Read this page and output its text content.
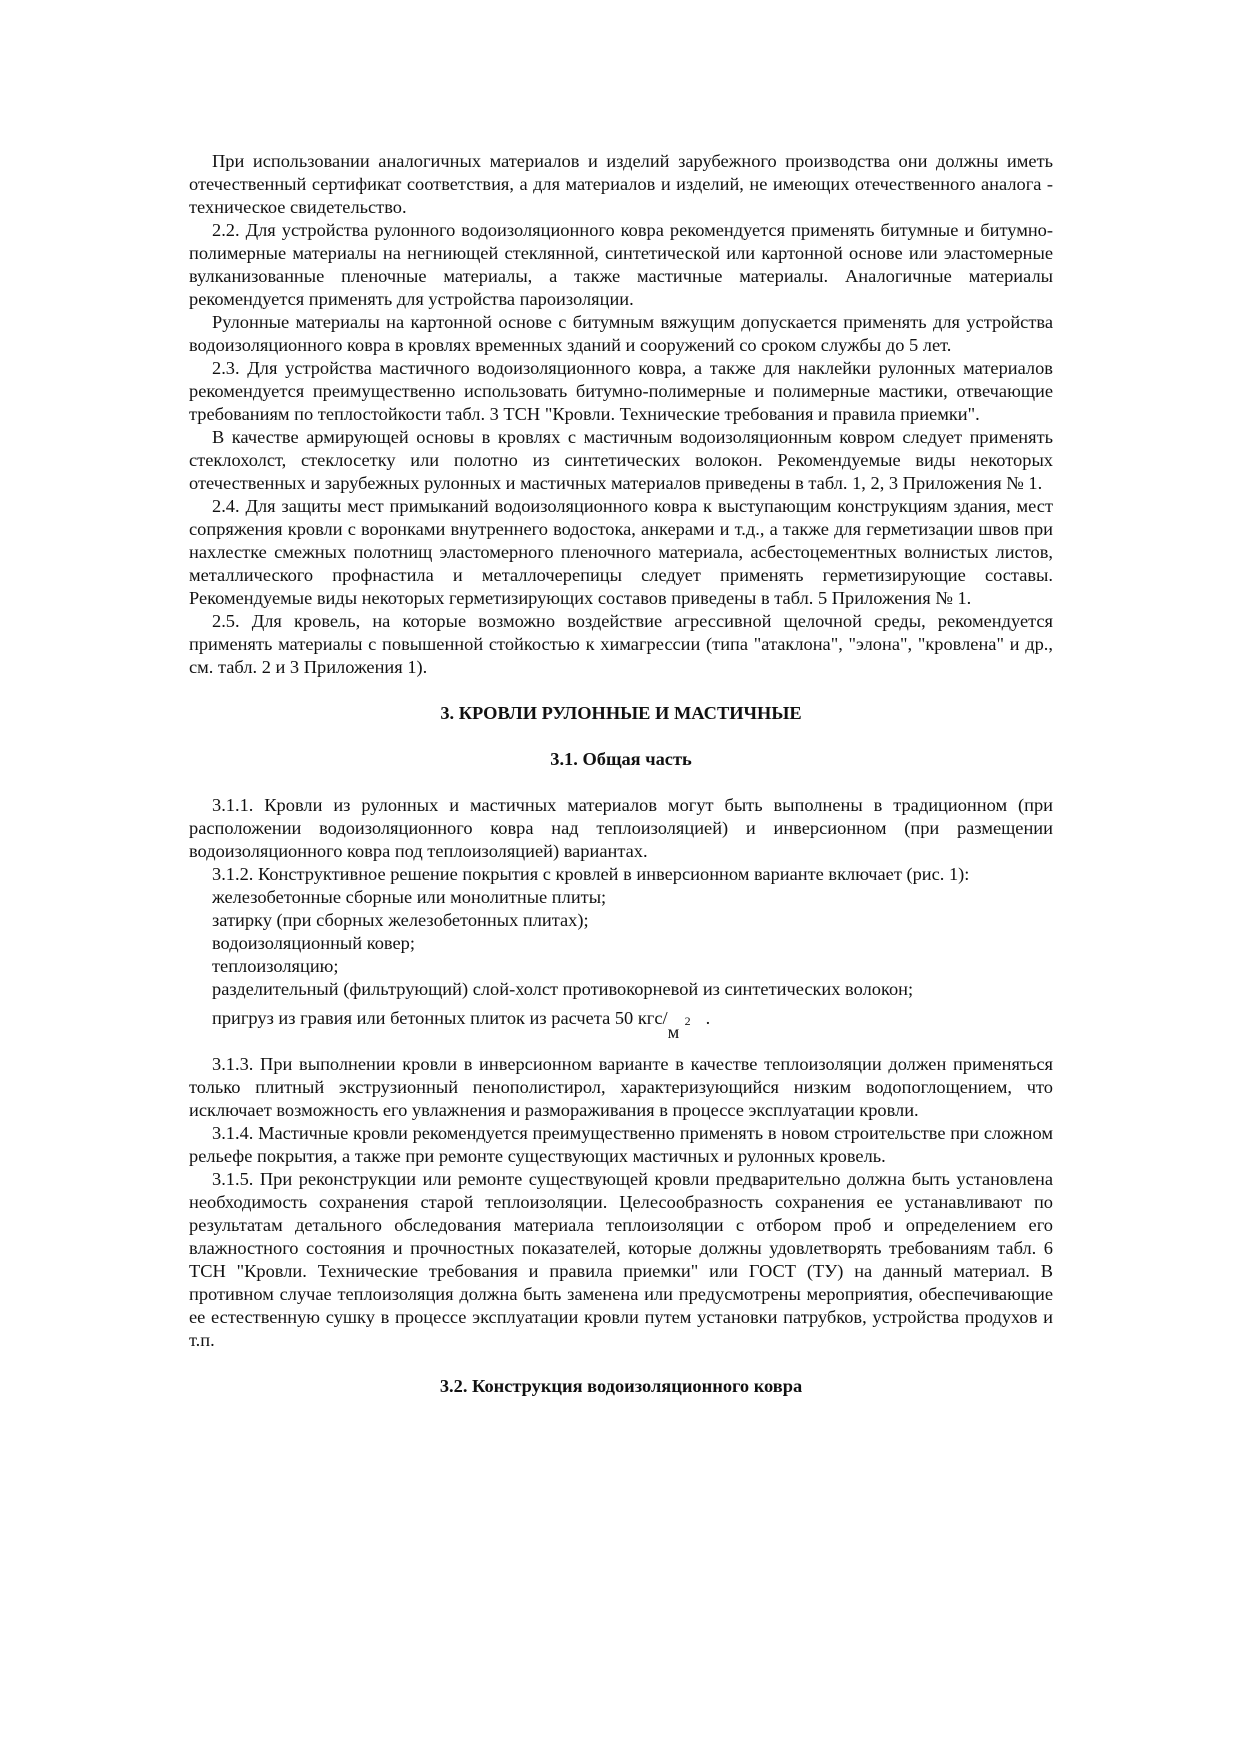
При использовании аналогичных материалов и изделий зарубежного производства они должны иметь отечественный сертификат соответствия, а для материалов и изделий, не имеющих отечественного аналога - техническое свидетельство.

2.2. Для устройства рулонного водоизоляционного ковра рекомендуется применять битумные и битумно-полимерные материалы на негниющей стеклянной, синтетической или картонной основе или эластомерные вулканизованные пленочные материалы, а также мастичные материалы. Аналогичные материалы рекомендуется применять для устройства пароизоляции.

Рулонные материалы на картонной основе с битумным вяжущим допускается применять для устройства водоизоляционного ковра в кровлях временных зданий и сооружений со сроком службы до 5 лет.

2.3. Для устройства мастичного водоизоляционного ковра, а также для наклейки рулонных материалов рекомендуется преимущественно использовать битумно-полимерные и полимерные мастики, отвечающие требованиям по теплостойкости табл. 3 ТСН "Кровли. Технические требования и правила приемки".

В качестве армирующей основы в кровлях с мастичным водоизоляционным ковром следует применять стеклохолст, стеклосетку или полотно из синтетических волокон. Рекомендуемые виды некоторых отечественных и зарубежных рулонных и мастичных материалов приведены в табл. 1, 2, 3 Приложения № 1.

2.4. Для защиты мест примыканий водоизоляционного ковра к выступающим конструкциям здания, мест сопряжения кровли с воронками внутреннего водостока, анкерами и т.д., а также для герметизации швов при нахлестке смежных полотнищ эластомерного пленочного материала, асбестоцементных волнистых листов, металлического профнастила и металлочерепицы следует применять герметизирующие составы. Рекомендуемые виды некоторых герметизирующих составов приведены в табл. 5 Приложения № 1.

2.5. Для кровель, на которые возможно воздействие агрессивной щелочной среды, рекомендуется применять материалы с повышенной стойкостью к химагрессии (типа "атаклона", "элона", "кровлена" и др., см. табл. 2 и 3 Приложения 1).

3. КРОВЛИ РУЛОННЫЕ И МАСТИЧНЫЕ
3.1. Общая часть

3.1.1. Кровли из рулонных и мастичных материалов могут быть выполнены в традиционном (при расположении водоизоляционного ковра над теплоизоляцией) и инверсионном (при размещении водоизоляционного ковра под теплоизоляцией) вариантах.

3.1.2. Конструктивное решение покрытия с кровлей в инверсионном варианте включает (рис. 1):

железобетонные сборные или монолитные плиты;
затирку (при сборных железобетонных плитах);
водоизоляционный ковер;
теплоизоляцию;
разделительный (фильтрующий) слой-холст противокорневой из синтетических волокон;
пригруз из гравия или бетонных плиток из расчета 50 кгс/
м
2 .

3.1.3. При выполнении кровли в инверсионном варианте в качестве теплоизоляции должен применяться только плитный экструзионный пенополистирол, характеризующийся низким водопоглощением, что исключает возможность его увлажнения и размораживания в процессе эксплуатации кровли.

3.1.4. Мастичные кровли рекомендуется преимущественно применять в новом строительстве при сложном рельефе покрытия, а также при ремонте существующих мастичных и рулонных кровель.

3.1.5. При реконструкции или ремонте существующей кровли предварительно должна быть установлена необходимость сохранения старой теплоизоляции. Целесообразность сохранения ее устанавливают по результатам детального обследования материала теплоизоляции с отбором проб и определением его влажностного состояния и прочностных показателей, которые должны удовлетворять требованиям табл. 6 ТСН "Кровли. Технические требования и правила приемки" или ГОСТ (ТУ) на данный материал. В противном случае теплоизоляция должна быть заменена или предусмотрены мероприятия, обеспечивающие ее естественную сушку в процессе эксплуатации кровли путем установки патрубков, устройства продухов и т.п.

3.2. Конструкция водоизоляционного ковра
